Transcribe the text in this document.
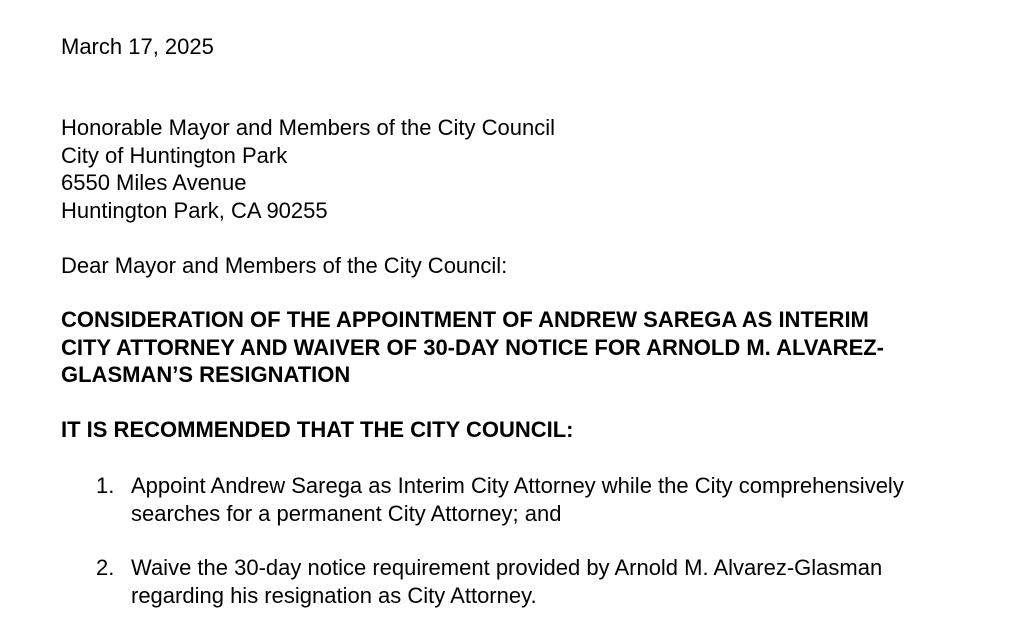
March 17, 2025
Honorable Mayor and Members of the City Council
City of Huntington Park
6550 Miles Avenue
Huntington Park, CA 90255
Dear Mayor and Members of the City Council:
CONSIDERATION OF THE APPOINTMENT OF ANDREW SAREGA AS INTERIM
CITY ATTORNEY AND WAIVER OF 30-DAY NOTICE FOR ARNOLD M. ALVAREZ-
GLASMAN’S RESIGNATION
IT IS RECOMMENDED THAT THE CITY COUNCIL:
1. Appoint Andrew Sarega as Interim City Attorney while the City comprehensively
searches for a permanent City Attorney; and
2. Waive the 30-day notice requirement provided by Arnold M. Alvarez-Glasman
regarding his resignation as City Attorney.
